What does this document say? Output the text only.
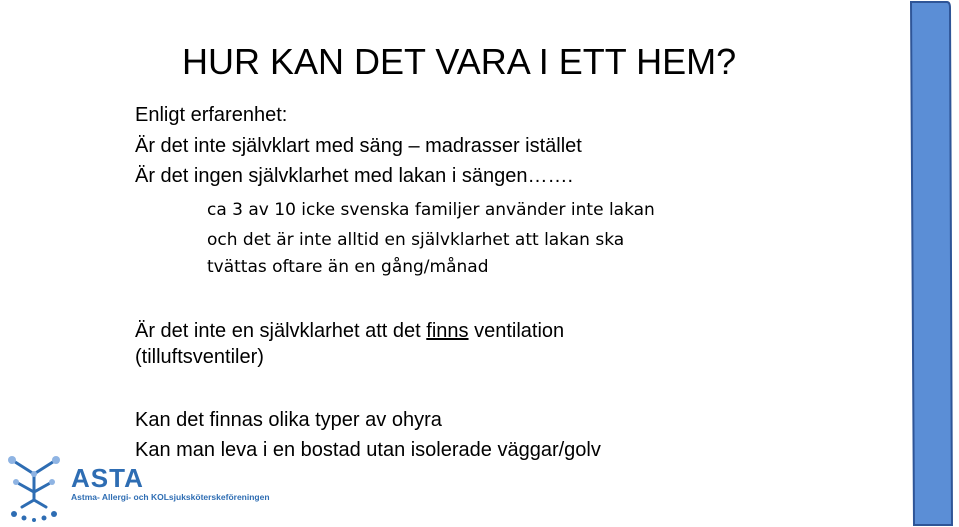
HUR KAN DET VARA I ETT HEM?
Enligt erfarenhet:
Är det inte självklart med säng – madrasser istället
Är det ingen självklarhet med lakan i sängen…….
ca 3 av 10 icke svenska familjer använder inte lakan
och det är inte alltid en självklarhet att lakan ska
tvättas oftare än en gång/månad
Är det inte en självklarhet att det finns ventilation
(tilluftsventiler)
Kan det finnas olika typer av ohyra
Kan man leva i en bostad utan isolerade väggar/golv
ASTA
Astma- Allergi- och KOLsjuksköterskeföreningen
